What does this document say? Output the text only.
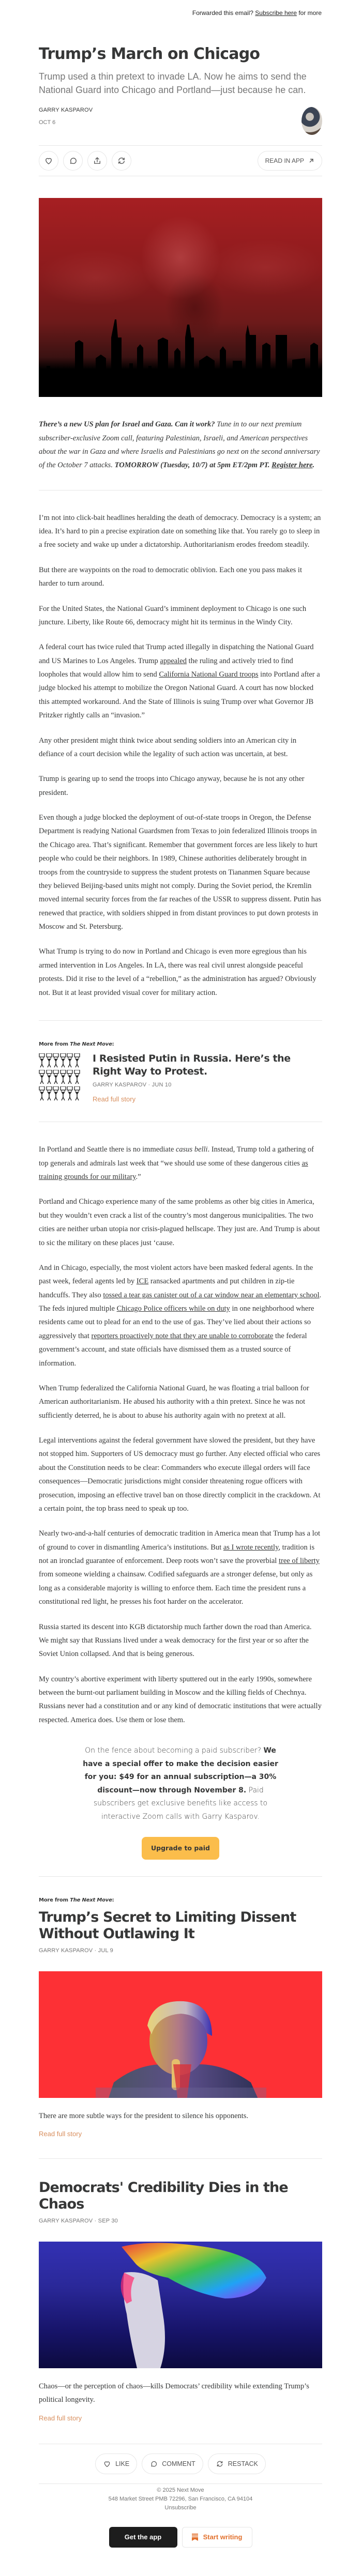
Forwarded this email? Subscribe here for more
Trump’s March on Chicago
Trump used a thin pretext to invade LA. Now he aims to send the National Guard into Chicago and Portland—just because he can.
GARRY KASPAROV
OCT 6
READ IN APP

There’s a new US plan for Israel and Gaza. Can it work? Tune in to our next premium subscriber-exclusive Zoom call, featuring Palestinian, Israeli, and American perspectives about the war in Gaza and where Israelis and Palestinians go next on the second anniversary of the October 7 attacks. TOMORROW (Tuesday, 10/7) at 5pm ET/2pm PT. Register here.

I’m not into click-bait headlines heralding the death of democracy. Democracy is a system; an idea. It’s hard to pin a precise expiration date on something like that. You rarely go to sleep in a free society and wake up under a dictatorship. Authoritarianism erodes freedom steadily.

But there are waypoints on the road to democratic oblivion. Each one you pass makes it harder to turn around.

For the United States, the National Guard’s imminent deployment to Chicago is one such juncture. Liberty, like Route 66, democracy might hit its terminus in the Windy City.

A federal court has twice ruled that Trump acted illegally in dispatching the National Guard and US Marines to Los Angeles. Trump appealed the ruling and actively tried to find loopholes that would allow him to send California National Guard troops into Portland after a judge blocked his attempt to mobilize the Oregon National Guard. A court has now blocked this attempted workaround. And the State of Illinois is suing Trump over what Governor JB Pritzker rightly calls an “invasion.”

Any other president might think twice about sending soldiers into an American city in defiance of a court decision while the legality of such action was uncertain, at best.

Trump is gearing up to send the troops into Chicago anyway, because he is not any other president.

Even though a judge blocked the deployment of out-of-state troops in Oregon, the Defense Department is readying National Guardsmen from Texas to join federalized Illinois troops in the Chicago area. That’s significant. Remember that government forces are less likely to hurt people who could be their neighbors. In 1989, Chinese authorities deliberately brought in troops from the countryside to suppress the student protests on Tiananmen Square because they believed Beijing-based units might not comply. During the Soviet period, the Kremlin moved internal security forces from the far reaches of the USSR to suppress dissent. Putin has renewed that practice, with soldiers shipped in from distant provinces to put down protests in Moscow and St. Petersburg.

What Trump is trying to do now in Portland and Chicago is even more egregious than his armed intervention in Los Angeles. In LA, there was real civil unrest alongside peaceful protests. Did it rise to the level of a “rebellion,” as the administration has argued? Obviously not. But it at least provided visual cover for military action.

More from The Next Move:
I Resisted Putin in Russia. Here’s the Right Way to Protest.
GARRY KASPAROV · JUN 10
Read full story

In Portland and Seattle there is no immediate casus belli. Instead, Trump told a gathering of top generals and admirals last week that “we should use some of these dangerous cities as training grounds for our military.”

Portland and Chicago experience many of the same problems as other big cities in America, but they wouldn’t even crack a list of the country’s most dangerous municipalities. The two cities are neither urban utopia nor crisis-plagued hellscape. They just are. And Trump is about to sic the military on these places just ‘cause.

And in Chicago, especially, the most violent actors have been masked federal agents. In the past week, federal agents led by ICE ransacked apartments and put children in zip-tie handcuffs. They also tossed a tear gas canister out of a car window near an elementary school. The feds injured multiple Chicago Police officers while on duty in one neighborhood where residents came out to plead for an end to the use of gas. They’ve lied about their actions so aggressively that reporters proactively note that they are unable to corroborate the federal government’s account, and state officials have dismissed them as a trusted source of information.

When Trump federalized the California National Guard, he was floating a trial balloon for American authoritarianism. He abused his authority with a thin pretext. Since he was not sufficiently deterred, he is about to abuse his authority again with no pretext at all.

Legal interventions against the federal government have slowed the president, but they have not stopped him. Supporters of US democracy must go further. Any elected official who cares about the Constitution needs to be clear: Commanders who execute illegal orders will face consequences—Democratic jurisdictions might consider threatening rogue officers with prosecution, imposing an effective travel ban on those directly complicit in the crackdown. At a certain point, the top brass need to speak up too.

Nearly two-and-a-half centuries of democratic tradition in America mean that Trump has a lot of ground to cover in dismantling America’s institutions. But as I wrote recently, tradition is not an ironclad guarantee of enforcement. Deep roots won’t save the proverbial tree of liberty from someone wielding a chainsaw. Codified safeguards are a stronger defense, but only as long as a considerable majority is willing to enforce them. Each time the president runs a constitutional red light, he presses his foot harder on the accelerator.

Russia started its descent into KGB dictatorship much farther down the road than America. We might say that Russians lived under a weak democracy for the first year or so after the Soviet Union collapsed. And that is being generous.

My country’s abortive experiment with liberty sputtered out in the early 1990s, somewhere between the burnt-out parliament building in Moscow and the killing fields of Chechnya. Russians never had a constitution and or any kind of democratic institutions that were actually respected. America does. Use them or lose them.

On the fence about becoming a paid subscriber? We have a special offer to make the decision easier for you: $49 for an annual subscription—a 30% discount—now through November 8. Paid subscribers get exclusive benefits like access to interactive Zoom calls with Garry Kasparov.
Upgrade to paid
More from The Next Move:
Trump’s Secret to Limiting Dissent Without Outlawing It
GARRY KASPAROV · JUL 9

There are more subtle ways for the president to silence his opponents.

Read full story
Democrats' Credibility Dies in the Chaos
GARRY KASPAROV · SEP 30

Chaos—or the perception of chaos—kills Democrats’ credibility while extending Trump’s political longevity.

Read full story
LIKE	COMMENT	RESTACK
© 2025 Next Move
548 Market Street PMB 72296, San Francisco, CA 94104
Unsubscribe
Get the app	Start writing
